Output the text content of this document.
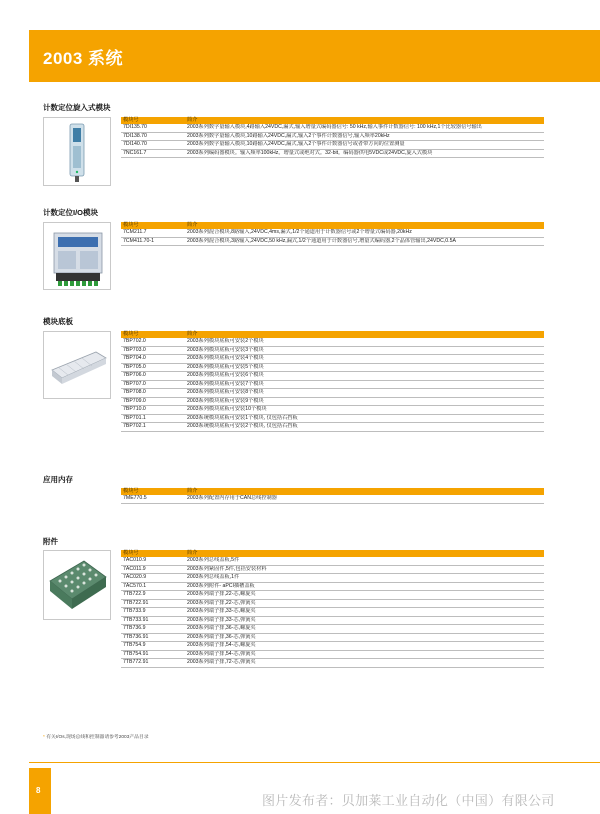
2003 系统
计数定位旋入式模块
模块号	简介
7DI135.70	2003系列数字量输入模块,4路输入24VDC,漏式,输入增量式编码器信号: 50 kHz,输入事件计数器信号: 100 kHz,1个比较器信号输出
7DI138.70	2003系列数字量输入模块,10路输入24VDC,漏式,输入2个事件计数器信号,输入频率20kHz
7DI140.70	2003系列数字量输入模块,10路输入24VDC,漏式,输入2个事件计数器信号或者带方向的位置测量
7NC161.7	2003系列编码器模块。输入频率100kHz。增量式或绝对式。32-bit。编码器供电5VDC或24VDC,旋入式模块
计数定位I/O模块
模块号	简介
7CM211.7	2003系列混合模块,8路输入,24VDC,4ms,漏式,1/2个通道用于计数器信号或2个增量式编码器,20kHz
7CM411.70-1	2003系列混合模块,3路输入,24VDC,50 kHz,漏式,1/2个通道用于计数器信号,增量式编码器,2个晶体管输出,24VDC,0.5A
模块底板
模块号	简介
7BP702.0	2003系列模块底板可安装2个模块
7BP703.0	2003系列模块底板可安装3个模块
7BP704.0	2003系列模块底板可安装4个模块
7BP705.0	2003系列模块底板可安装5个模块
7BP706.0	2003系列模块底板可安装6个模块
7BP707.0	2003系列模块底板可安装7个模块
7BP708.0	2003系列模块底板可安装8个模块
7BP709.0	2003系列模块底板可安装9个模块
7BP710.0	2003系列模块底板可安装10个模块
7BP701.1	2003系统模块底板可安装1个模块, 仅包括右挡板
7BP702.1	2003系统模块底板可安装2个模块, 仅包括右挡板
应用内存
模块号	简介
7ME770.5	2003系列配置内存用于CAN总线控制器
附件
模块号	简介
7AC010.9	2003系列总线盖板,5件
7AC011.9	2003系列紧固件,5件,包括安装材料
7AC020.9	2003系列总线盖板,1件
7AC570.1	2003系列附件- aPCI插槽盖板
7TB722.9	2003系列端子排,22-芯,螺旋夹
7TB722.91	2003系列端子排,22-芯,弹簧夹
7TB733.9	2003系列端子排,33-芯,螺旋夹
7TB733.91	2003系列端子排,33-芯,弹簧夹
7TB736.9	2003系列端子排,36-芯,螺旋夹
7TB736.91	2003系列端子排,36-芯,弹簧夹
7TB754.9	2003系列端子排,54-芯,螺旋夹
7TB754.91	2003系列端子排,54-芯,弹簧夹
7TB772.91	2003系列端子排,72-芯,弹簧夹
* 有关I/Os,现场总线和控制器请参考2003产品目录
8
图片发布者：贝加莱工业自动化（中国）有限公司
